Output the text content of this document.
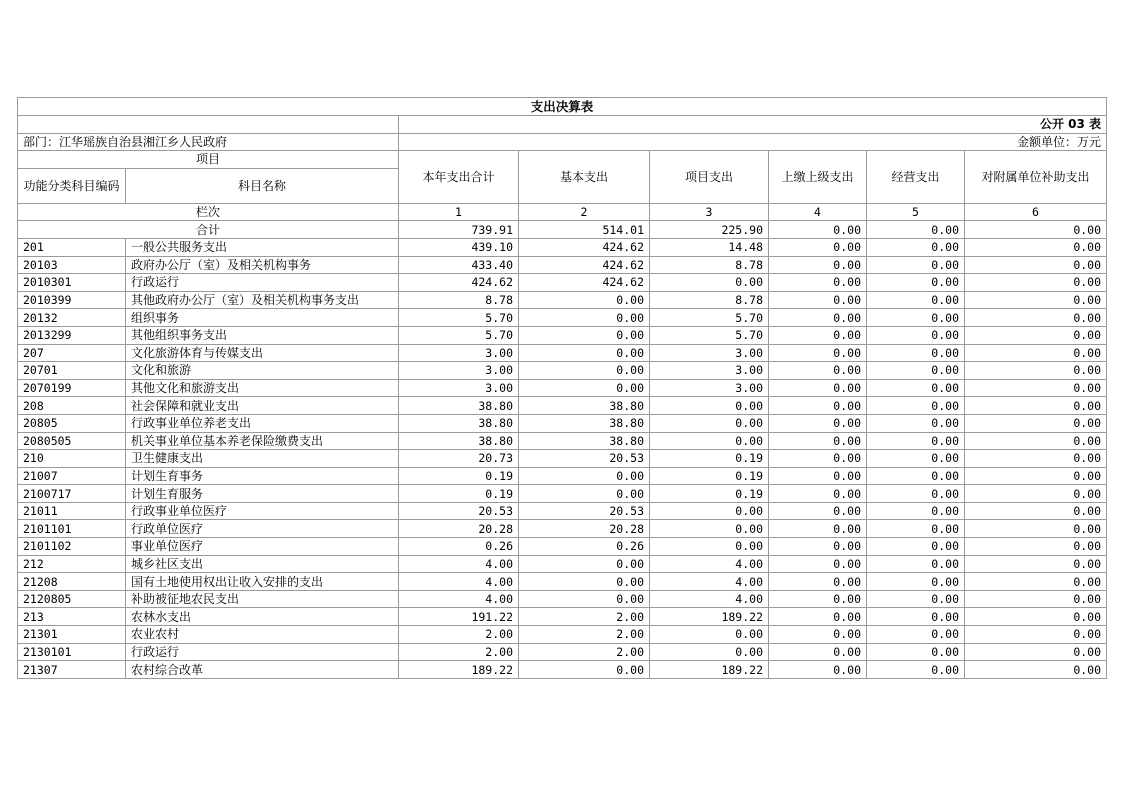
支出决算表							
		公开 03 表					
部门：江华瑶族自治县湘江乡人民政府		金额单位：万元					
项目		本年支出合计	基本支出	项目支出	上缴上级支出	经营支出	对附属单位补助支出
功能分类科目编码	科目名称						
栏次		1	2	3	4	5	6
合计		739.91	514.01	225.90	0.00	0.00	0.00
201	一般公共服务支出	439.10	424.62	14.48	0.00	0.00	0.00
20103	政府办公厅（室）及相关机构事务	433.40	424.62	8.78	0.00	0.00	0.00
2010301	行政运行	424.62	424.62	0.00	0.00	0.00	0.00
2010399	其他政府办公厅（室）及相关机构事务支出	8.78	0.00	8.78	0.00	0.00	0.00
20132	组织事务	5.70	0.00	5.70	0.00	0.00	0.00
2013299	其他组织事务支出	5.70	0.00	5.70	0.00	0.00	0.00
207	文化旅游体育与传媒支出	3.00	0.00	3.00	0.00	0.00	0.00
20701	文化和旅游	3.00	0.00	3.00	0.00	0.00	0.00
2070199	其他文化和旅游支出	3.00	0.00	3.00	0.00	0.00	0.00
208	社会保障和就业支出	38.80	38.80	0.00	0.00	0.00	0.00
20805	行政事业单位养老支出	38.80	38.80	0.00	0.00	0.00	0.00
2080505	机关事业单位基本养老保险缴费支出	38.80	38.80	0.00	0.00	0.00	0.00
210	卫生健康支出	20.73	20.53	0.19	0.00	0.00	0.00
21007	计划生育事务	0.19	0.00	0.19	0.00	0.00	0.00
2100717	计划生育服务	0.19	0.00	0.19	0.00	0.00	0.00
21011	行政事业单位医疗	20.53	20.53	0.00	0.00	0.00	0.00
2101101	行政单位医疗	20.28	20.28	0.00	0.00	0.00	0.00
2101102	事业单位医疗	0.26	0.26	0.00	0.00	0.00	0.00
212	城乡社区支出	4.00	0.00	4.00	0.00	0.00	0.00
21208	国有土地使用权出让收入安排的支出	4.00	0.00	4.00	0.00	0.00	0.00
2120805	补助被征地农民支出	4.00	0.00	4.00	0.00	0.00	0.00
213	农林水支出	191.22	2.00	189.22	0.00	0.00	0.00
21301	农业农村	2.00	2.00	0.00	0.00	0.00	0.00
2130101	行政运行	2.00	2.00	0.00	0.00	0.00	0.00
21307	农村综合改革	189.22	0.00	189.22	0.00	0.00	0.00
